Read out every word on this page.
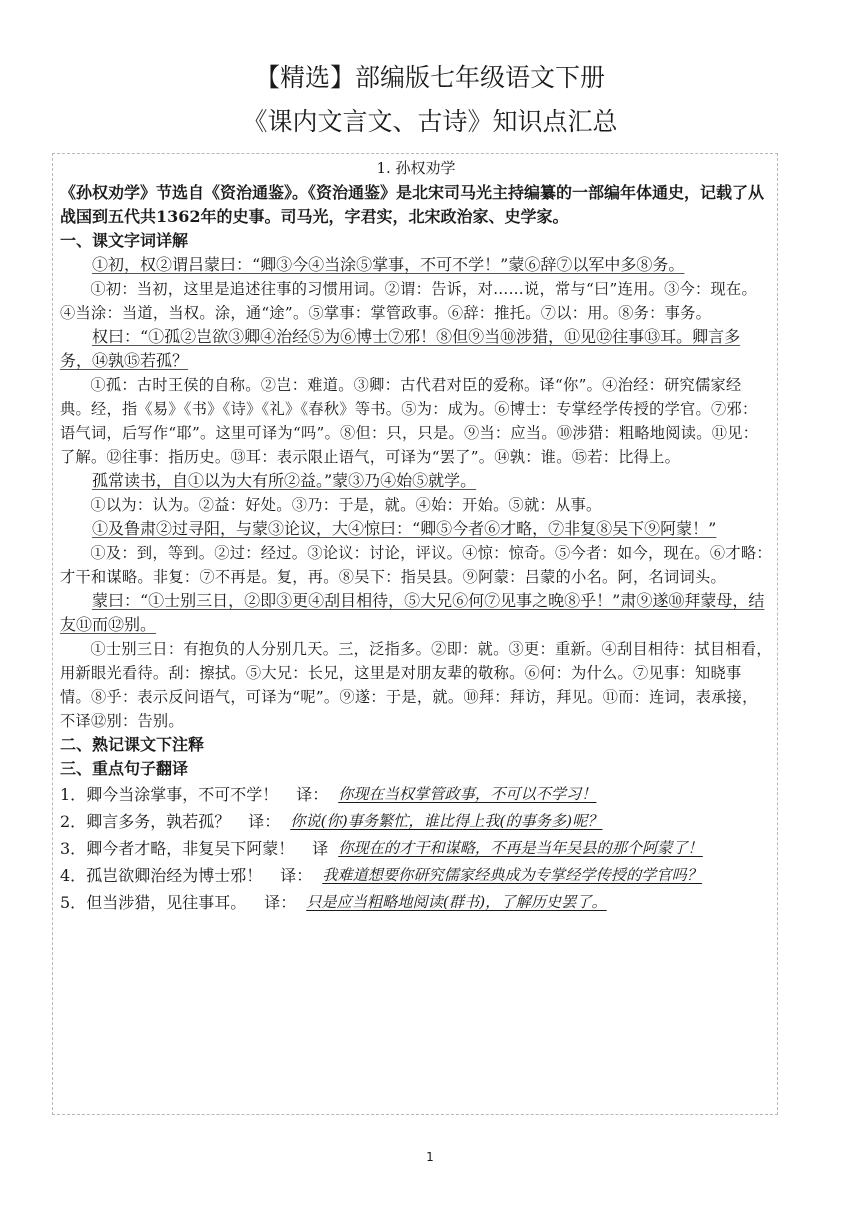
【精选】部编版七年级语文下册
《课内文言文、古诗》知识点汇总
1. 孙权劝学

《孙权劝学》节选自《资治通鉴》。《资治通鉴》是北宋司马光主持编纂的一部编年体通史，记载了从战国到五代共1362年的史事。司马光，字君实，北宋政治家、史学家。

一、课文字词详解

①初，权②谓吕蒙曰：“卿③今④当涂⑤掌事，不可不学！”蒙⑥辞⑦以军中多⑧务。

①初：当初，这里是追述往事的习惯用词。②谓：告诉，对……说，常与“曰”连用。③今：现在。④当涂：当道，当权。涂，通“途”。⑤掌事：掌管政事。⑥辞：推托。⑦以：用。⑧务：事务。

权曰：“①孤②岂欲③卿④治经⑤为⑥博士⑦邪！⑧但⑨当⑩涉猎，⑪见⑫往事⑬耳。卿言多务，⑭孰⑮若孤？

①孤：古时王侯的自称。②岂：难道。③卿：古代君对臣的爱称。译“你”。④治经：研究儒家经典。经，指《易》《书》《诗》《礼》《春秋》等书。⑤为：成为。⑥博士：专掌经学传授的学官。⑦邪：语气词，后写作“耶”。这里可译为“吗”。⑧但：只，只是。⑨当：应当。⑩涉猎：粗略地阅读。⑪见：了解。⑫往事：指历史。⑬耳：表示限止语气，可译为“罢了”。⑭孰：谁。⑮若：比得上。

孤常读书，自①以为大有所②益。”蒙③乃④始⑤就学。

①以为：认为。②益：好处。③乃：于是，就。④始：开始。⑤就：从事。

①及鲁肃②过寻阳，与蒙③论议，大④惊曰：“卿⑤今者⑥才略，⑦非复⑧吴下⑨阿蒙！”

①及：到，等到。②过：经过。③论议：讨论，评议。④惊：惊奇。⑤今者：如今，现在。⑥才略：才干和谋略。非复：⑦不再是。复，再。⑧吴下：指吴县。⑨阿蒙：吕蒙的小名。阿，名词词头。

蒙曰：“①士别三日，②即③更④刮目相待，⑤大兄⑥何⑦见事之晚⑧乎！”肃⑨遂⑩拜蒙母，结友⑪而⑫别。

①士别三日：有抱负的人分别几天。三，泛指多。②即：就。③更：重新。④刮目相待：拭目相看，用新眼光看待。刮：擦拭。⑤大兄：长兄，这里是对朋友辈的敬称。⑥何：为什么。⑦见事：知晓事情。⑧乎：表示反问语气，可译为“呢”。⑨遂：于是，就。⑩拜：拜访，拜见。⑪而：连词，表承接，不译⑫别：告别。

二、熟记课文下注释

三、重点句子翻译

1． 卿今当涂掌事，不可不学！ 译： 你现在当权掌管政事，不可以不学习！
2． 卿言多务，孰若孤？ 译： 你说(你)事务繁忙，谁比得上我(的事务多)呢？
3． 卿今者才略，非复吴下阿蒙！ 译 你现在的才干和谋略，不再是当年吴县的那个阿蒙了！
4． 孤岂欲卿治经为博士邪！ 译： 我难道想要你研究儒家经典成为专掌经学传授的学官吗？
5． 但当涉猎，见往事耳。 译： 只是应当粗略地阅读(群书)，了解历史罢了。
1
